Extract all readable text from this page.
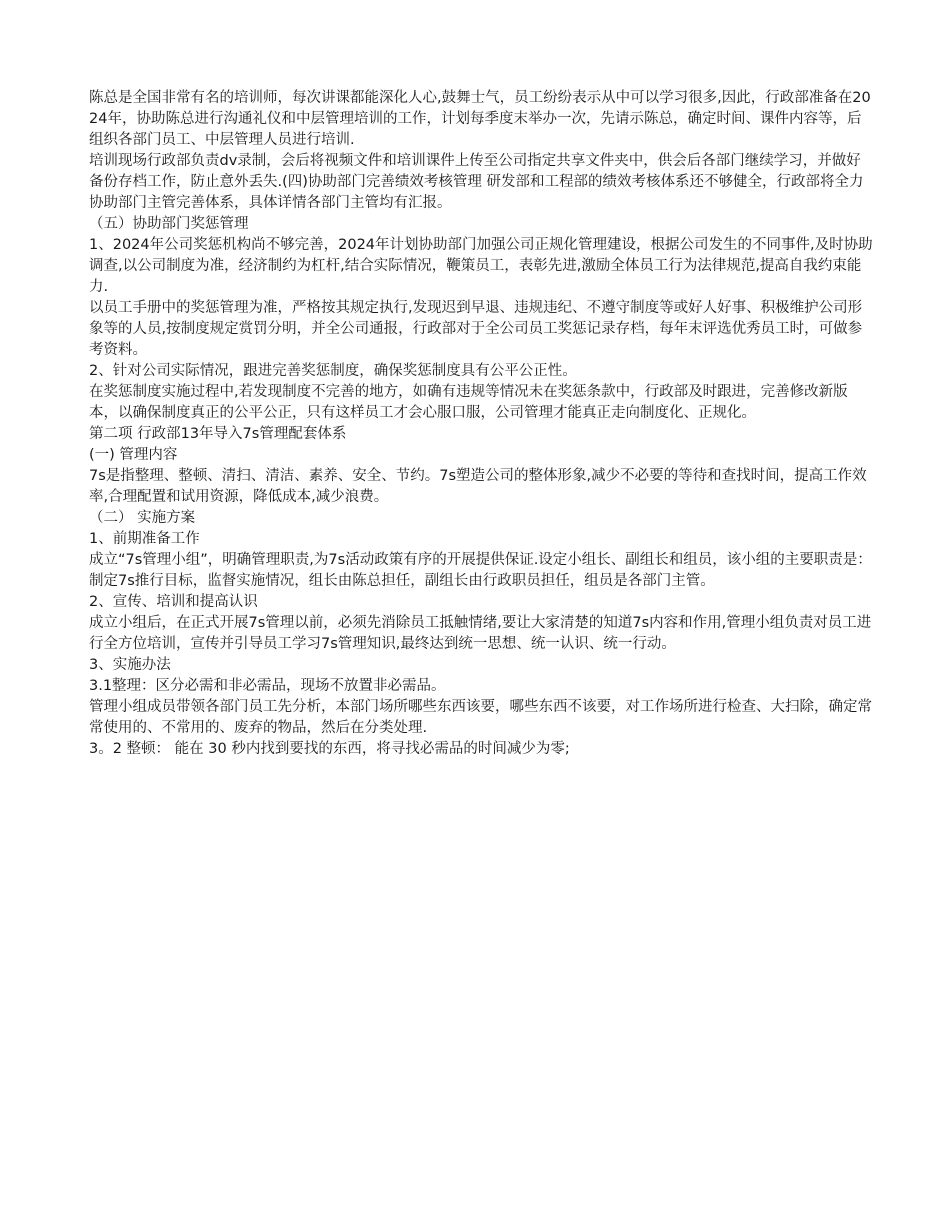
陈总是全国非常有名的培训师，每次讲课都能深化人心,鼓舞士气，员工纷纷表示从中可以学习很多,因此，行政部准备在2024年，协助陈总进行沟通礼仪和中层管理培训的工作，计划每季度末举办一次，先请示陈总，确定时间、课件内容等，后组织各部门员工、中层管理人员进行培训.

培训现场行政部负责dv录制，会后将视频文件和培训课件上传至公司指定共享文件夹中，供会后各部门继续学习，并做好备份存档工作，防止意外丢失.(四)协助部门完善绩效考核管理 研发部和工程部的绩效考核体系还不够健全，行政部将全力协助部门主管完善体系，具体详情各部门主管均有汇报。

（五）协助部门奖惩管理

1、2024年公司奖惩机构尚不够完善，2024年计划协助部门加强公司正规化管理建设，根据公司发生的不同事件,及时协助调查,以公司制度为准，经济制约为杠杆,结合实际情况，鞭策员工，表彰先进,激励全体员工行为法律规范,提高自我约束能力.

以员工手册中的奖惩管理为准，严格按其规定执行,发现迟到早退、违规违纪、不遵守制度等或好人好事、积极维护公司形象等的人员,按制度规定赏罚分明，并全公司通报，行政部对于全公司员工奖惩记录存档，每年末评选优秀员工时，可做参考资料。

2、针对公司实际情况，跟进完善奖惩制度，确保奖惩制度具有公平公正性。

在奖惩制度实施过程中,若发现制度不完善的地方，如确有违规等情况未在奖惩条款中，行政部及时跟进，完善修改新版本，以确保制度真正的公平公正，只有这样员工才会心服口服，公司管理才能真正走向制度化、正规化。

第二项 行政部13年导入7s管理配套体系

(一) 管理内容

7s是指整理、整顿、清扫、清洁、素养、安全、节约。7s塑造公司的整体形象,减少不必要的等待和查找时间，提高工作效率,合理配置和试用资源，降低成本,减少浪费。

（二） 实施方案

1、前期准备工作

成立“7s管理小组”，明确管理职责,为7s活动政策有序的开展提供保证.设定小组长、副组长和组员，该小组的主要职责是：制定7s推行目标，监督实施情况，组长由陈总担任，副组长由行政职员担任，组员是各部门主管。

2、宣传、培训和提高认识

成立小组后，在正式开展7s管理以前，必须先消除员工抵触情绪,要让大家清楚的知道7s内容和作用,管理小组负责对员工进行全方位培训，宣传并引导员工学习7s管理知识,最终达到统一思想、统一认识、统一行动。

3、实施办法

3.1整理：区分必需和非必需品，现场不放置非必需品。

管理小组成员带领各部门员工先分析，本部门场所哪些东西该要，哪些东西不该要，对工作场所进行检查、大扫除，确定常常使用的、不常用的、废弃的物品，然后在分类处理.

3。2 整顿： 能在 30 秒内找到要找的东西，将寻找必需品的时间减少为零;
